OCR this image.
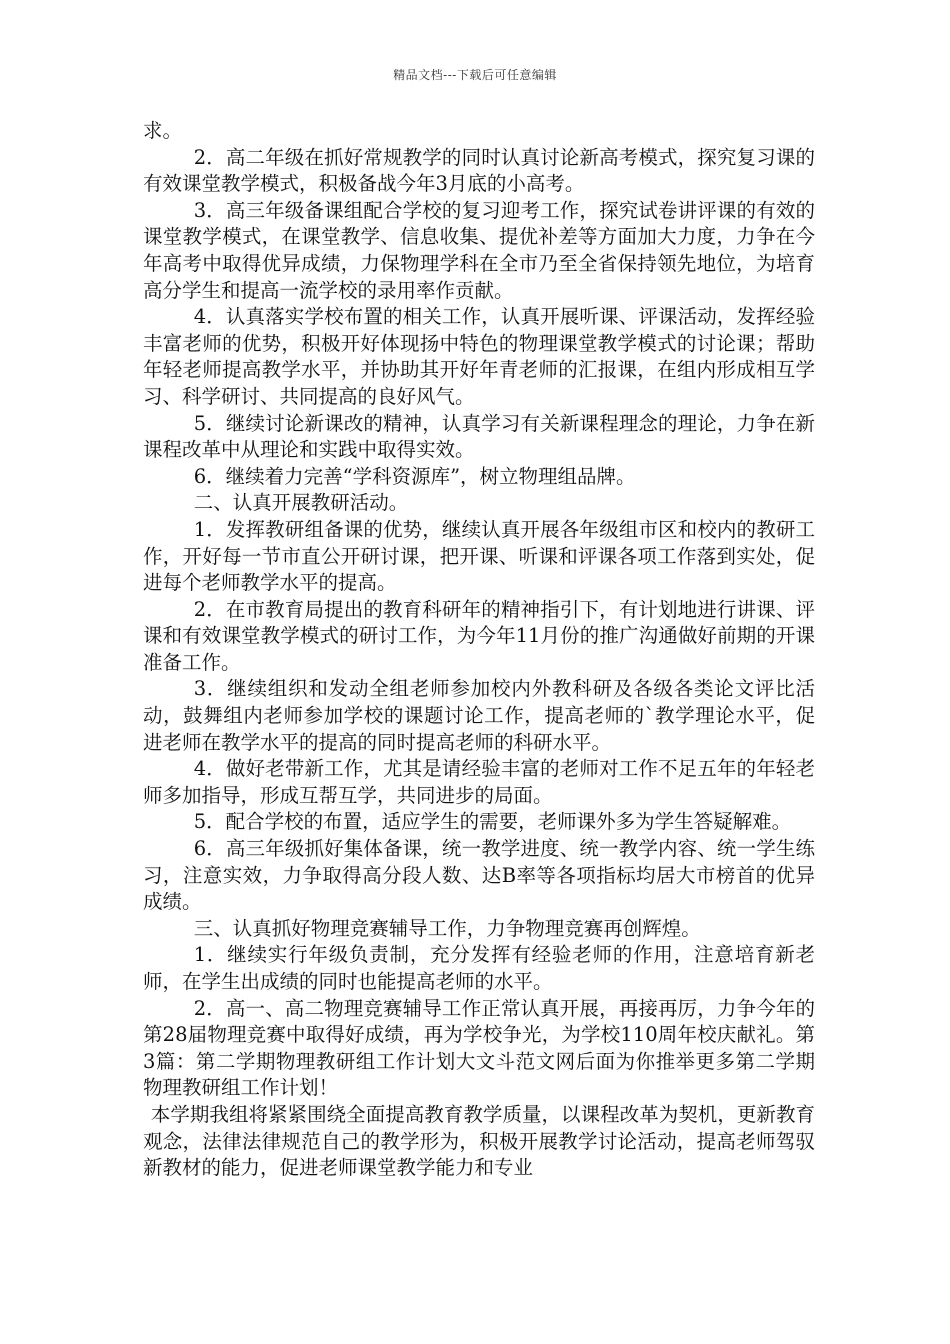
精品文档---下载后可任意编辑

求。

2．高二年级在抓好常规教学的同时认真讨论新高考模式，探究复习课的有效课堂教学模式，积极备战今年3月底的小高考。

3．高三年级备课组配合学校的复习迎考工作，探究试卷讲评课的有效的课堂教学模式，在课堂教学、信息收集、提优补差等方面加大力度，力争在今年高考中取得优异成绩，力保物理学科在全市乃至全省保持领先地位，为培育高分学生和提高一流学校的录用率作贡献。

4．认真落实学校布置的相关工作，认真开展听课、评课活动，发挥经验丰富老师的优势，积极开好体现扬中特色的物理课堂教学模式的讨论课；帮助年轻老师提高教学水平，并协助其开好年青老师的汇报课，在组内形成相互学习、科学研讨、共同提高的良好风气。

5．继续讨论新课改的精神，认真学习有关新课程理念的理论，力争在新课程改革中从理论和实践中取得实效。

6．继续着力完善“学科资源库”，树立物理组品牌。

二、认真开展教研活动。

1．发挥教研组备课的优势，继续认真开展各年级组市区和校内的教研工作，开好每一节市直公开研讨课，把开课、听课和评课各项工作落到实处，促进每个老师教学水平的提高。

2．在市教育局提出的教育科研年的精神指引下，有计划地进行讲课、评课和有效课堂教学模式的研讨工作，为今年11月份的推广沟通做好前期的开课准备工作。

3．继续组织和发动全组老师参加校内外教科研及各级各类论文评比活动，鼓舞组内老师参加学校的课题讨论工作，提高老师的`教学理论水平，促进老师在教学水平的提高的同时提高老师的科研水平。

4．做好老带新工作，尤其是请经验丰富的老师对工作不足五年的年轻老师多加指导，形成互帮互学，共同进步的局面。

5．配合学校的布置，适应学生的需要，老师课外多为学生答疑解难。

6．高三年级抓好集体备课，统一教学进度、统一教学内容、统一学生练习，注意实效，力争取得高分段人数、达B率等各项指标均居大市榜首的优异成绩。

三、认真抓好物理竞赛辅导工作，力争物理竞赛再创辉煌。

1．继续实行年级负责制，充分发挥有经验老师的作用，注意培育新老师，在学生出成绩的同时也能提高老师的水平。

2．高一、高二物理竞赛辅导工作正常认真开展，再接再厉，力争今年的第28届物理竞赛中取得好成绩，再为学校争光，为学校110周年校庆献礼。第3篇：第二学期物理教研组工作计划大文斗范文网后面为你推举更多第二学期物理教研组工作计划！

本学期我组将紧紧围绕全面提高教育教学质量，以课程改革为契机，更新教育观念，法律法律规范自己的教学形为，积极开展教学讨论活动，提高老师驾驭新教材的能力，促进老师课堂教学能力和专业
